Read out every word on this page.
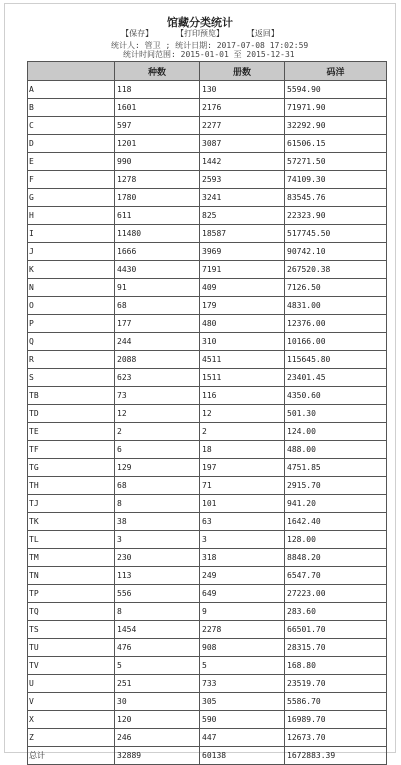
馆藏分类统计
【保存】	【打印预览】	【返回】
统计人: 管卫 ; 统计日期: 2017-07-08 17:02:59
统计时间范围: 2015-01-01 至 2015-12-31
	种数	册数	码洋
A	118	130	5594.90
B	1601	2176	71971.90
C	597	2277	32292.90
D	1201	3087	61506.15
E	990	1442	57271.50
F	1278	2593	74109.30
G	1780	3241	83545.76
H	611	825	22323.90
I	11480	18587	517745.50
J	1666	3969	90742.10
K	4430	7191	267520.38
N	91	409	7126.50
O	68	179	4831.00
P	177	480	12376.00
Q	244	310	10166.00
R	2088	4511	115645.80
S	623	1511	23401.45
TB	73	116	4350.60
TD	12	12	501.30
TE	2	2	124.00
TF	6	18	488.00
TG	129	197	4751.85
TH	68	71	2915.70
TJ	8	101	941.20
TK	38	63	1642.40
TL	3	3	128.00
TM	230	318	8848.20
TN	113	249	6547.70
TP	556	649	27223.00
TQ	8	9	283.60
TS	1454	2278	66501.70
TU	476	908	28315.70
TV	5	5	168.80
U	251	733	23519.70
V	30	305	5586.70
X	120	590	16989.70
Z	246	447	12673.70
总计	32889	60138	1672883.39
